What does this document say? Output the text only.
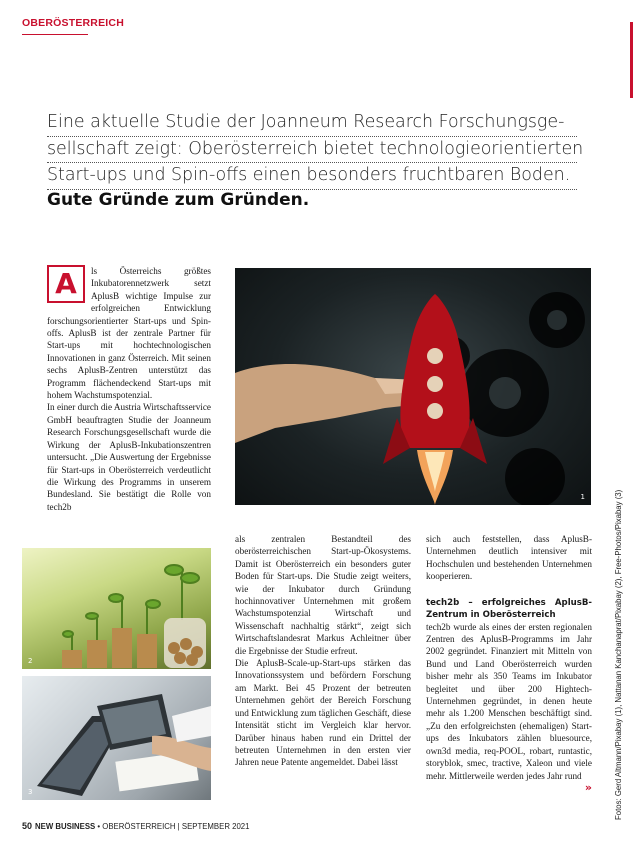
OBERÖSTERREICH
Eine aktuelle Studie der Joanneum Research Forschungsge-
sellschaft zeigt: Oberösterreich bietet technologieorientierten
Start-ups und Spin-offs einen besonders fruchtbaren Boden.
Gute Gründe zum Gründen.
A	ls Österreichs größtes Inkubatorennetzwerk setzt AplusB wichtige Impulse zur erfolgreichen Entwicklung forschungsorientierter Start-ups und Spin-offs. AplusB ist der zentrale Partner für Start-ups mit hochtechnologischen Innovationen in ganz Österreich. Mit seinen sechs AplusB-Zentren unterstützt das Programm flächendeckend Start-ups mit hohem Wachstumspotenzial.

In einer durch die Austria Wirtschaftsservice GmbH beauftragten Studie der Joanneum Research Forschungsgesellschaft wurde die Wirkung der AplusB-Inkubationszentren untersucht. „Die Auswertung der Ergebnisse für Start-ups in Oberösterreich verdeutlicht die Wirkung des Programms in unserem Bundesland. Sie bestätigt die Rolle von tech2b

1
2
3

als zentralen Bestandteil des oberösterreichischen Start-up-Ökosystems. Damit ist Oberösterreich ein besonders guter Boden für Start-ups. Die Studie zeigt weiters, wie der Inkubator durch Gründung hochinnovativer Unternehmen mit großem Wachstumspotenzial Wirtschaft und Wissenschaft nachhaltig stärkt“, zeigt sich Wirtschaftslandesrat Markus Achleitner über die Ergebnisse der Studie erfreut.

Die AplusB-Scale-up-Start-ups stärken das Innovationssystem und befördern Forschung am Markt. Bei 45 Prozent der betreuten Unternehmen gehört der Bereich Forschung und Entwicklung zum täglichen Geschäft, diese Intensität sticht im Vergleich klar hervor. Darüber hinaus haben rund ein Drittel der betreuten Unternehmen in den ersten vier Jahren neue Patente angemeldet. Dabei lässt

sich auch feststellen, dass AplusB-Unternehmen deutlich intensiver mit Hochschulen und bestehenden Unternehmen kooperieren.

tech2b – erfolgreiches AplusB-Zentrum in Oberösterreich

tech2b wurde als eines der ersten regionalen Zentren des AplusB-Programms im Jahr 2002 gegründet. Finanziert mit Mitteln von Bund und Land Oberösterreich wurden bisher mehr als 350 Teams im Inkubator begleitet und über 200 Hightech-Unternehmen gegründet, in denen heute mehr als 1.200 Menschen beschäftigt sind. „Zu den erfolgreichsten (ehemaligen) Start-ups des Inkubators zählen bluesource, own3d media, req-POOL, robart, runtastic, storyblok, smec, tractive, Xaleon und viele mehr. Mittlerweile werden jedes Jahr rund

»
50 NEW BUSINESS • OBERÖSTERREICH | SEPTEMBER 2021
Fotos: Gerd Altmann/Pixabay (1), Nattanan Kanchanaprat/Pixabay (2), Free-Photos/Pixabay (3)
